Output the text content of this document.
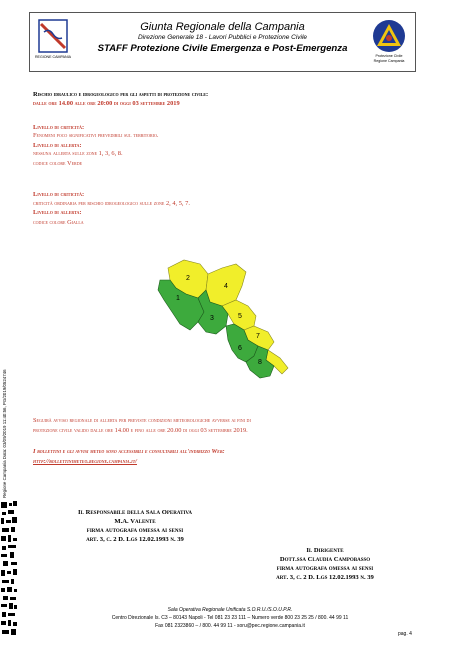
REGIONE CAMPANIA
Giunta Regionale della Campania
Direzione Generale 18 - Lavori Pubblici e Protezione Civile
STAFF Protezione Civile Emergenza e Post-Emergenza
Protezione Civile
Regione Campania
Regione Campania Data: 03/09/2019 11:40:56, PG/2019/0524746
Rischio idraulico e idrogeologico per gli aspetti di protezione civile:
dalle ore 14.00 alle ore 20:00 di oggi 03 settembre 2019
Livello di criticità:
Fenomeni poco significativi prevedibili sul territorio.
Livello di allerta:
nessuna allerta sulle zone 1, 3, 6, 8.
codice colore Verde
Livello di criticità:
criticità ordinaria per rischio idrogeologico sulle zone 2, 4, 5, 7.
Livello di allerta:
codice colore Gialla
1
2
3
4
5
6
7
8
Seguirà avviso regionale di allerta per previste condizioni meteorologiche avverse ai fini di
protezione civile valido dalle ore 14.00 e fino alle ore 20.00 di oggi 03 settembre 2019.
I bollettini e gli avvisi meteo sono accessibili e consultabili all'indirizzo Web:
http://bollettinimeteo.regione.campania.it/
Il Responsabile della Sala Operativa
M.A. Valente
firma autografa omessa ai sensi
art. 3, c. 2 D. Lgs 12.02.1993 n. 39
Il Dirigente
Dott.ssa Claudia Campobasso
firma autografa omessa ai sensi
art. 3, c. 2 D. Lgs 12.02.1993 n. 39
Sala Operativa Regionale Unificata S.O.R.U./S.O.U.P.R.
Centro Direzionale Is. C3 – 80143 Napoli - Tel 081 23 23 111 – Numero verde 800 23 25 25 / 800. 44 99 11
Fax 081 2323860 – / 800. 44 99 11 - soru@pec.regione.campania.it
pag. 4
